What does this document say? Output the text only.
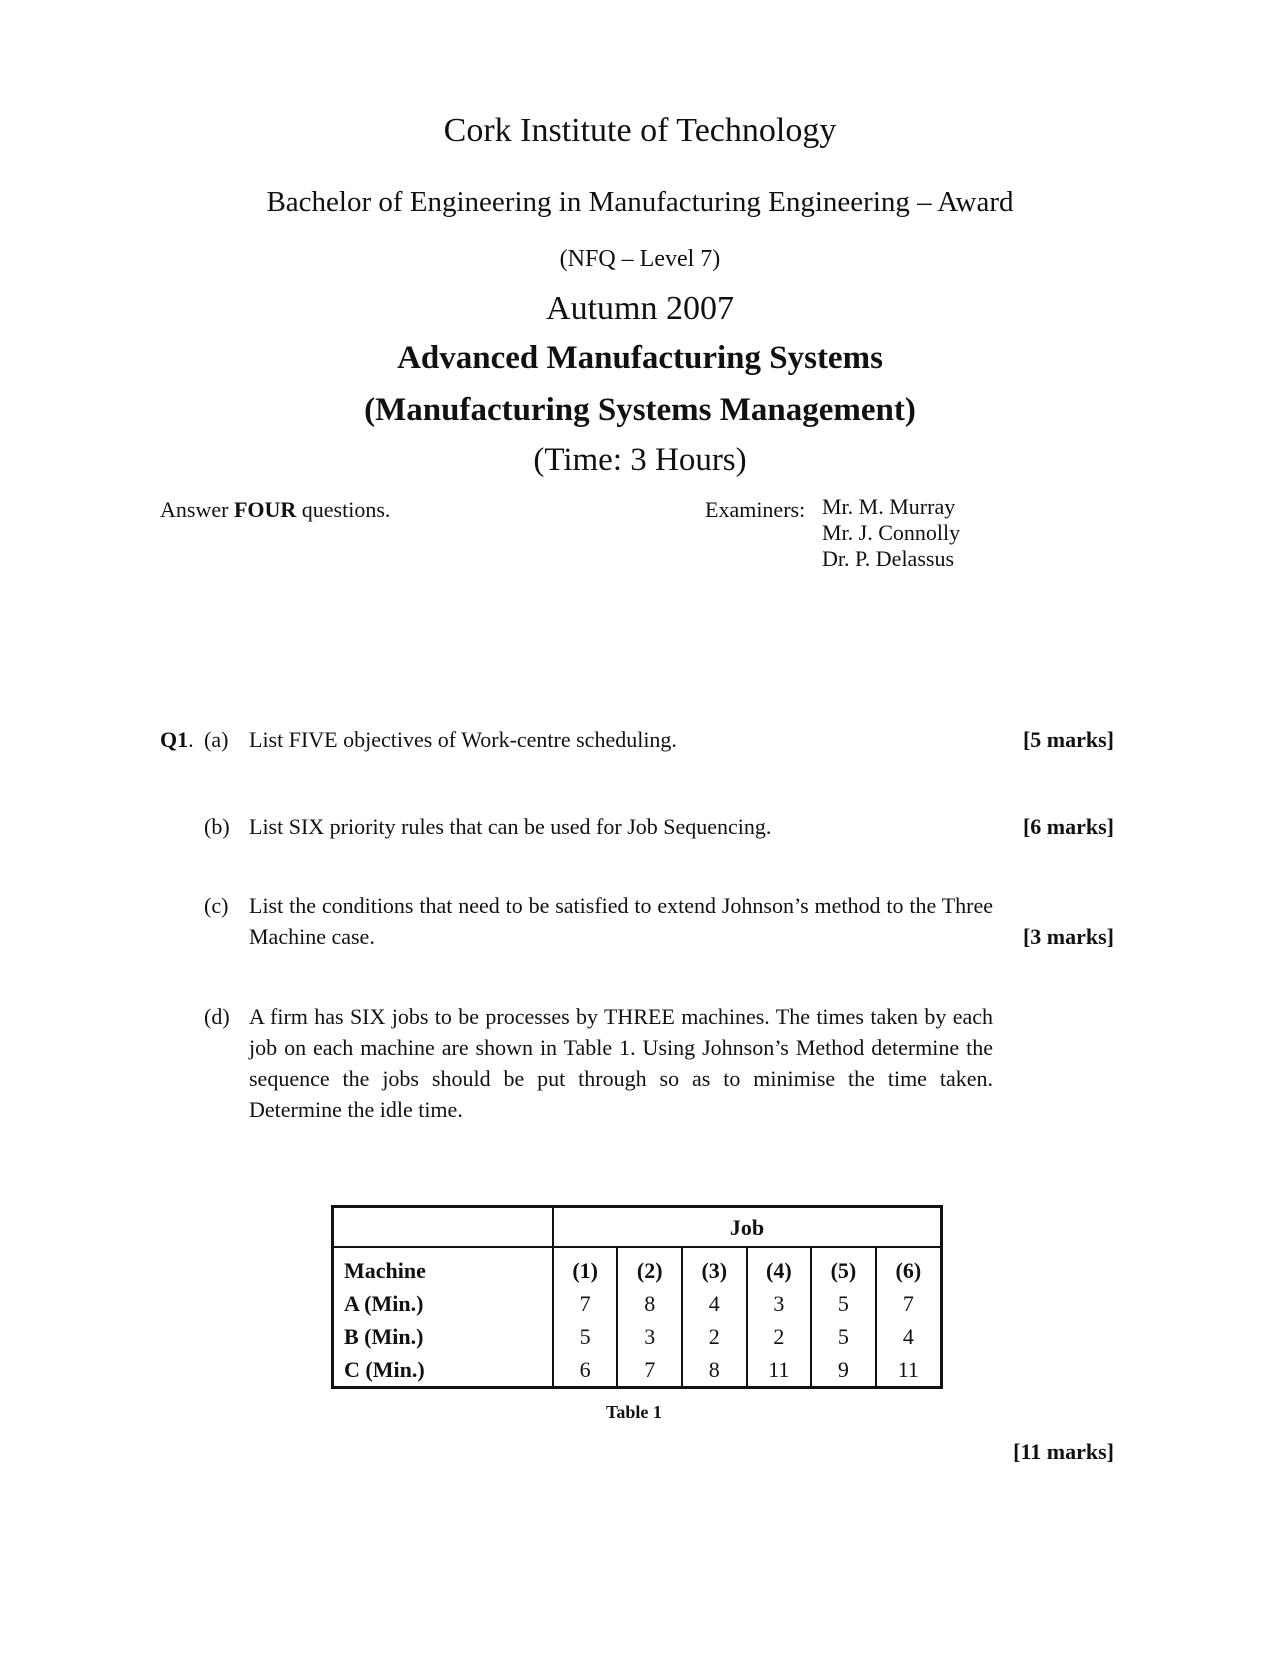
Cork Institute of Technology
Bachelor of Engineering in Manufacturing Engineering – Award
(NFQ – Level 7)
Autumn 2007
Advanced Manufacturing Systems
(Manufacturing Systems Management)
(Time: 3 Hours)
Answer FOUR questions.	Examiners: Mr. M. Murray
Mr. J. Connolly
Dr. P. Delassus
Q1. (a) List FIVE objectives of Work-centre scheduling.	[5 marks]
(b) List SIX priority rules that can be used for Job Sequencing.	[6 marks]
(c) List the conditions that need to be satisfied to extend Johnson’s method to the Three Machine case.	[3 marks]
(d) A firm has SIX jobs to be processes by THREE machines. The times taken by each job on each machine are shown in Table 1. Using Johnson’s Method determine the sequence the jobs should be put through so as to minimise the time taken. Determine the idle time.
	Job					
Machine	(1)	(2)	(3)	(4)	(5)	(6)
A (Min.)	7	8	4	3	5	7
B (Min.)	5	3	2	2	5	4
C (Min.)	6	7	8	11	9	11
Table 1
[11 marks]
